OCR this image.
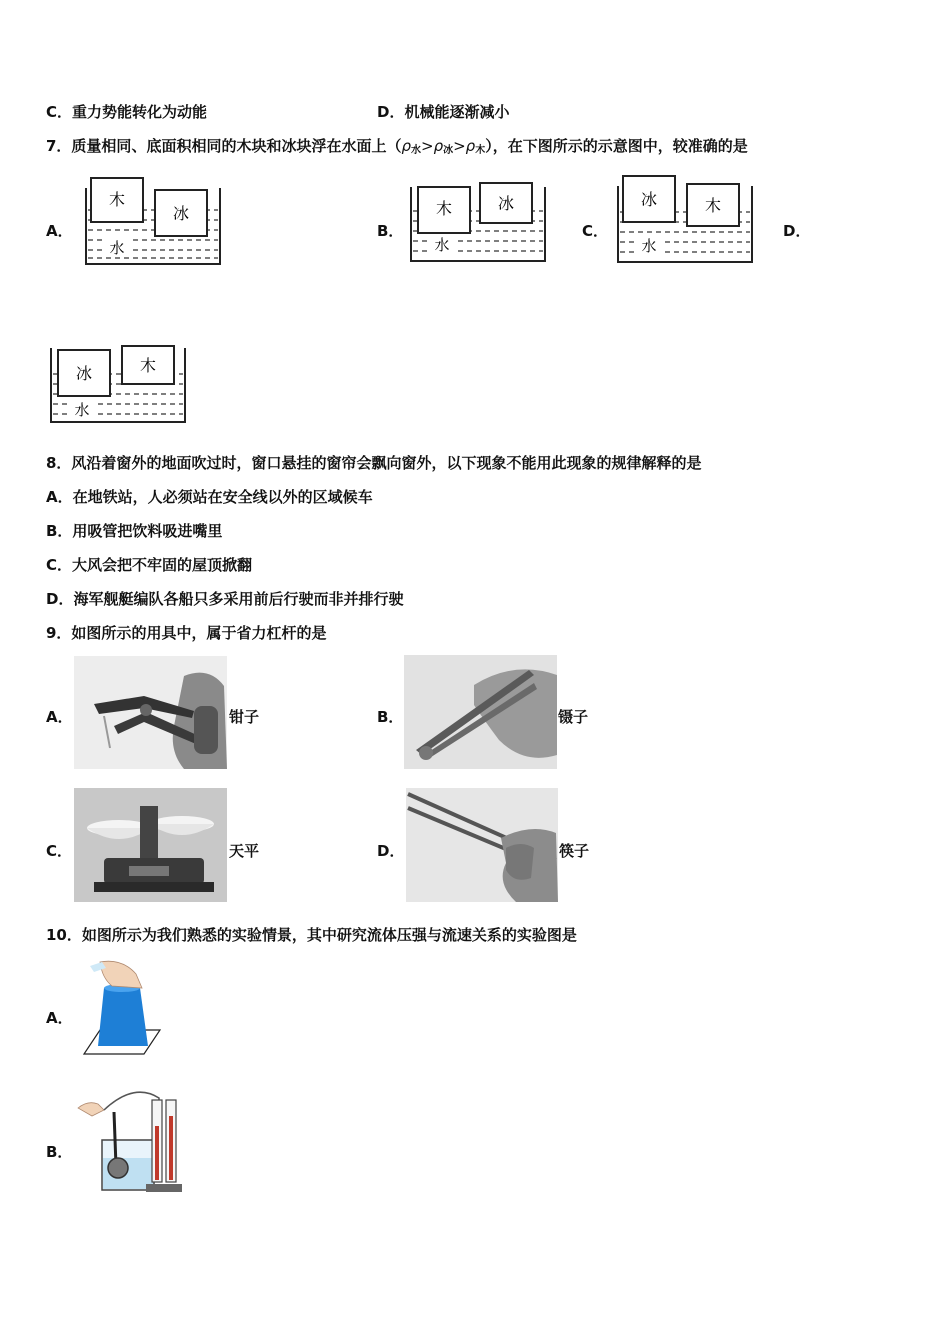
C．重力势能转化为动能	D．机械能逐渐减小
7．质量相同、底面积相同的木块和冰块浮在水面上$(\rho_水>\rho_冰>\rho_木)$，在下图所示的示意图中，较准确的是
A．	B．	C．	D．
木
冰
水
木	冰
水
冰	木
水
冰	木
水
8．风沿着窗外的地面吹过时，窗口悬挂的窗帘会飘向窗外，以下现象不能用此现象的规律解释的是
A．在地铁站，人必须站在安全线以外的区域候车
B．用吸管把饮料吸进嘴里
C．大风会把不牢固的屋顶掀翻
D．海军舰艇编队各船只多采用前后行驶而非并排行驶
9．如图所示的用具中，属于省力杠杆的是
A．	钳子	B．	镊子
C．	天平	D．	筷子
10．如图所示为我们熟悉的实验情景，其中研究流体压强与流速关系的实验图是
A．
B．
